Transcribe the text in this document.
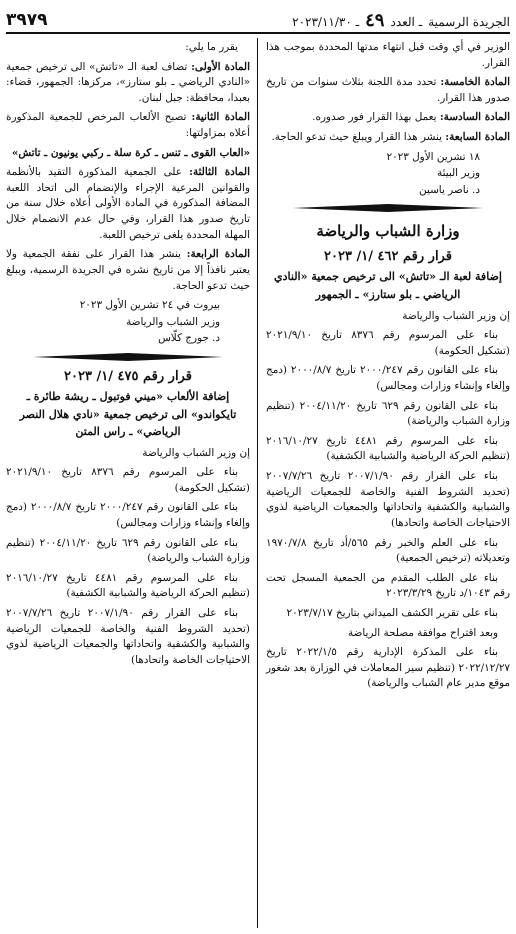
الجريدة الرسمية
ـ العدد
٤٩
ـ ٢٠٢٣/١١/٣٠
٣٩٧٩

الوزير في أي وقت قبل انتهاء مدتها المحددة بموجب هذا القرار.

المادة الخامسة: تحدد مدة اللجنة بثلاث سنوات من تاريخ صدور هذا القرار.

المادة السادسة: يعمل بهذا القرار فور صدوره.

المادة السابعة: ينشر هذا القرار ويبلغ حيث تدعو الحاجة.

١٨ تشرين الأول ٢٠٢٣
وزير البيئة
د. ناصر ياسين
وزارة الشباب والرياضة
قرار رقم ٤٦٢ /١/ ٢٠٢٣
إضافة لعبة الـ «تاتش» الى ترخيص جمعية «النادي الرياضي ـ بلو ستارز» ـ الجمهور

إن وزير الشباب والرياضة

بناء على المرسوم رقم ٨٣٧٦ تاريخ ٢٠٢١/٩/١٠ (تشكيل الحكومة)

بناء على القانون رقم ٢٠٠٠/٢٤٧ تاريخ ٢٠٠٠/٨/٧ (دمج وإلغاء وإنشاء وزارات ومجالس)

بناء على القانون رقم ٦٢٩ تاريخ ٢٠٠٤/١١/٢٠ (تنظيم وزارة الشباب والرياضة)

بناء على المرسوم رقم ٤٤٨١ تاريخ ٢٠١٦/١٠/٢٧ (تنظيم الحركة الرياضية والشبابية الكشفية)

بناء على القرار رقم ٢٠٠٧/١/٩٠ تاريخ ٢٠٠٧/٧/٢٦ (تحديد الشروط الفنية والخاصة للجمعيات الرياضية والشبابية والكشفية واتحاداتها والجمعيات الرياضية لذوي الاحتياجات الخاصة واتحادها)

بناء على العلم والخبر رقم ٥٦٥/أد تاريخ ١٩٧٠/٧/٨ وتعديلاته (ترخيص الجمعية)

بناء على الطلب المقدم من الجمعية المسجل تحت رقم ١٠٤٣/د تاريخ ٢٠٢٣/٣/٢٩

بناء على تقرير الكشف الميداني بتاريخ ٢٠٢٣/٧/١٧

وبعد اقتراح موافقة مصلحة الرياضة

بناء على المذكرة الإدارية رقم ٢٠٢٢/١/٥ تاريخ ٢٠٢٢/١٢/٢٧ (تنظيم سير المعاملات في الوزارة بعد شغور موقع مدير عام الشباب والرياضة)

يقرر ما يلي:

المادة الأولى: تضاف لعبة الـ «تاتش» الى ترخيص جمعية «النادي الرياضي ـ بلو ستارز»، مركزها: الجمهور، قضاء: بعبدا، محافظة: جبل لبنان.

المادة الثانية: تصبح الألعاب المرخص للجمعية المذكورة أعلاه بمزاولتها:

«العاب القوى ـ تنس ـ كرة سلة ـ ركبي يونيون ـ تاتش»

المادة الثالثة: على الجمعية المذكورة التقيد بالأنظمة والقوانين المرعية الإجراء والإنضمام الى اتحاد اللعبة المضافة المذكورة في المادة الأولى أعلاه خلال سنة من تاريخ صدور هذا القرار، وفي حال عدم الانضمام خلال المهلة المحددة يلغى ترخيص اللعبة.

المادة الرابعة: ينشر هذا القرار على نفقة الجمعية ولا يعتبر نافذاً إلا من تاريخ نشره في الجريدة الرسمية، ويبلغ حيث تدعو الحاجة.

بيروت في ٢٤ تشرين الأول ٢٠٢٣
وزير الشباب والرياضة
د. جورج كلّاس
قرار رقم ٤٧٥ /١/ ٢٠٢٣
إضافة الألعاب «ميني فوتبول ـ ريشة طائرة ـ تايكواندو» الى ترخيص جمعية «نادي هلال النصر الرياضي» ـ راس المتن

إن وزير الشباب والرياضة

بناء على المرسوم رقم ٨٣٧٦ تاريخ ٢٠٢١/٩/١٠ (تشكيل الحكومة)

بناء على القانون رقم ٢٠٠٠/٢٤٧ تاريخ ٢٠٠٠/٨/٧ (دمج وإلغاء وإنشاء وزارات ومجالس)

بناء على القانون رقم ٦٢٩ تاريخ ٢٠٠٤/١١/٢٠ (تنظيم وزارة الشباب والرياضة)

بناء على المرسوم رقم ٤٤٨١ تاريخ ٢٠١٦/١٠/٢٧ (تنظيم الحركة الرياضية والشبابية الكشفية)

بناء على القرار رقم ٢٠٠٧/١/٩٠ تاريخ ٢٠٠٧/٧/٢٦ (تحديد الشروط الفنية والخاصة للجمعيات الرياضية والشبابية والكشفية واتحاداتها والجمعيات الرياضية لذوي الاحتياجات الخاصة واتحادها)
